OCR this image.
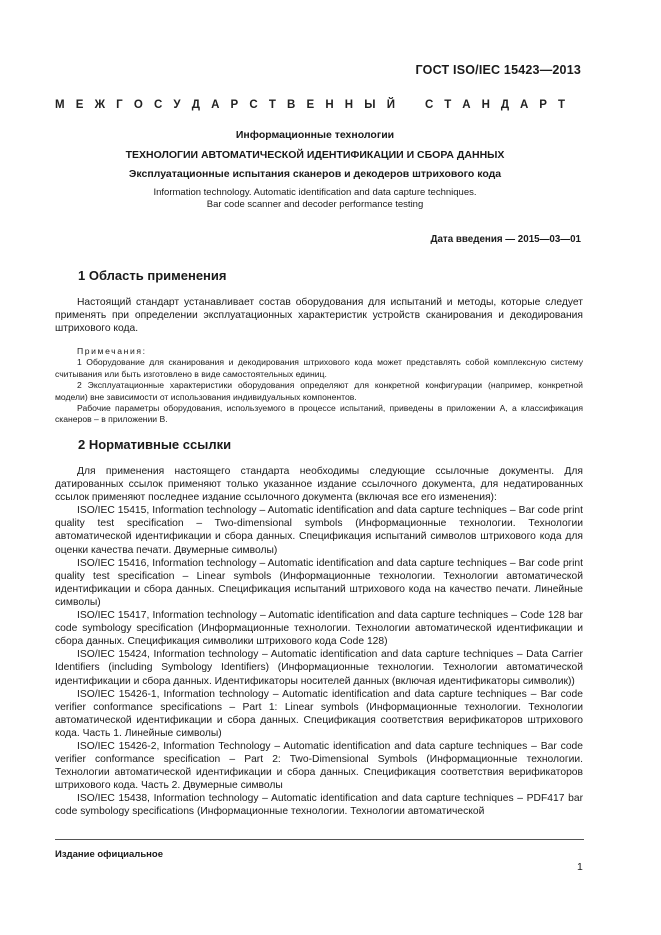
ГОСТ ISO/IEC 15423—2013
М Е Ж Г О С У Д А Р С Т В Е Н Н Ы Й	С Т А Н Д А Р Т
Информационные технологии
ТЕХНОЛОГИИ АВТОМАТИЧЕСКОЙ ИДЕНТИФИКАЦИИ И СБОРА ДАННЫХ
Эксплуатационные испытания сканеров и декодеров штрихового кода
Information technology. Automatic identification and data capture techniques.
Bar code scanner and decoder performance testing
Дата введения — 2015—03—01
1 Область применения

Настоящий стандарт устанавливает состав оборудования для испытаний и методы, которые следует применять при определении эксплуатационных характеристик устройств сканирования и декодирования штрихового кода.

Примечания:

1 Оборудование для сканирования и декодирования штрихового кода может представлять собой комплексную систему считывания или быть изготовлено в виде самостоятельных единиц.

2 Эксплуатационные характеристики оборудования определяют для конкретной конфигурации (например, конкретной модели) вне зависимости от использования индивидуальных компонентов.

Рабочие параметры оборудования, используемого в процессе испытаний, приведены в приложении А, а классификация сканеров – в приложении В.

2 Нормативные ссылки

Для применения настоящего стандарта необходимы следующие ссылочные документы. Для датированных ссылок применяют только указанное издание ссылочного документа, для недатированных ссылок применяют последнее издание ссылочного документа (включая все его изменения):

ISO/IEC 15415, Information technology – Automatic identification and data capture techniques – Bar code print quality test specification – Two-dimensional symbols (Информационные технологии. Технологии автоматической идентификации и сбора данных. Спецификация испытаний символов штрихового кода для оценки качества печати. Двумерные символы)

ISO/IEC 15416, Information technology – Automatic identification and data capture techniques – Bar code print quality test specification – Linear symbols (Информационные технологии. Технологии автоматической идентификации и сбора данных. Спецификация испытаний штрихового кода на качество печати. Линейные символы)

ISO/IEC 15417, Information technology – Automatic identification and data capture techniques – Code 128 bar code symbology specification (Информационные технологии. Технологии автоматической идентификации и сбора данных. Спецификация символики штрихового кода Code 128)

ISO/IEC 15424, Information technology – Automatic identification and data capture techniques – Data Carrier Identifiers (including Symbology Identifiers) (Информационные технологии. Технологии автоматической идентификации и сбора данных. Идентификаторы носителей данных (включая идентификаторы символик))

ISO/IEC 15426-1, Information technology – Automatic identification and data capture techniques – Bar code verifier conformance specifications – Part 1: Linear symbols (Информационные технологии. Технологии автоматической идентификации и сбора данных. Спецификация соответствия верификаторов штрихового кода. Часть 1. Линейные символы)

ISO/IEC 15426-2, Information Technology – Automatic identification and data capture techniques – Bar code verifier conformance specification – Part 2: Two-Dimensional Symbols (Информационные технологии. Технологии автоматической идентификации и сбора данных. Спецификация соответствия верификаторов штрихового кода. Часть 2. Двумерные символы

ISO/IEC 15438, Information technology – Automatic identification and data capture techniques – PDF417 bar code symbology specifications (Информационные технологии. Технологии автоматической

Издание официальное
1
